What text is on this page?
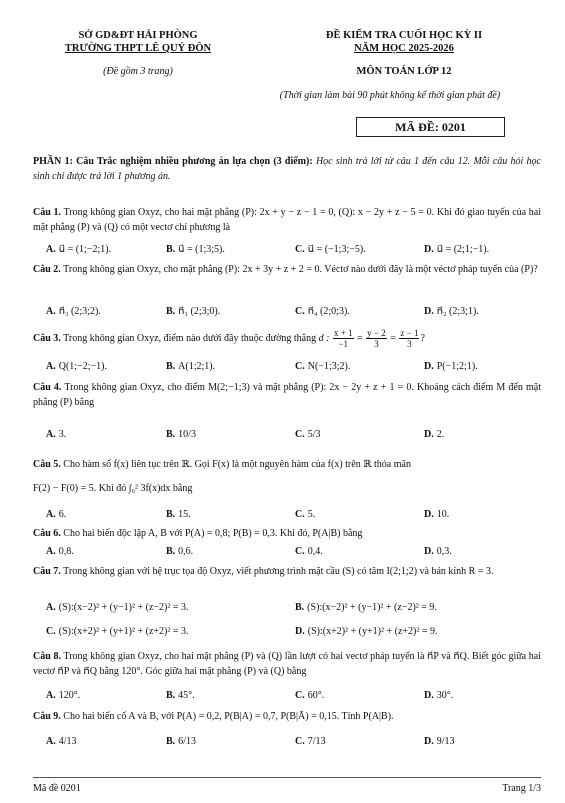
SỞ GD&ĐT HẢI PHÒNG
TRƯỜNG THPT LÊ QUÝ ĐÔN
(Đề gồm 3 trang)
ĐỀ KIỂM TRA CUỐI HỌC KỲ II
NĂM HỌC 2025-2026
MÔN TOÁN LỚP 12
(Thời gian làm bài 90 phút không kể thời gian phát đề)
MÃ ĐỀ: 0201
PHẦN 1: Câu Trắc nghiệm nhiều phương án lựa chọn (3 điểm): Học sinh trả lời từ câu 1 đến câu 12. Mỗi câu hỏi học sinh chỉ được trả lời 1 phương án.
Câu 1. Trong không gian Oxyz, cho hai mặt phẳng (P): 2x + y − z − 1 = 0, (Q): x − 2y + z − 5 = 0. Khi đó giao tuyến của hai mặt phẳng (P) và (Q) có một vectơ chỉ phương là
A. u⃗ = (1;−2;1).	B. u⃗ = (1;3;5).	C. u⃗ = (−1;3;−5).	D. u⃗ = (2;1;−1).
Câu 2. Trong không gian Oxyz, cho mặt phẳng (P): 2x + 3y + z + 2 = 0. Véctơ nào dưới đây là một véctơ pháp tuyến của (P)?
A. n⃗₃ (2;3;2).	B. n⃗₁ (2;3;0).	C. n⃗₄ (2;0;3).	D. n⃗₂ (2;3;1).
Câu 3. Trong không gian Oxyz, điểm nào dưới đây thuộc đường thẳng d : $\frac{x + 1}{-1} = \frac{y - 2}{3} = \frac{z - 1}{3}$ ?
A. Q(1;−2;−1).	B. A(1;2;1).	C. N(−1;3;2).	D. P(−1;2;1).
Câu 4. Trong không gian Oxyz, cho điểm M(2;−1;3) và mặt phẳng (P): 2x − 2y + z + 1 = 0. Khoảng cách điểm M đến mặt phẳng (P) bằng
A. 3.	B. 10/3	C. 5/3	D. 2.
Câu 5. Cho hàm số f(x) liên tục trên ℝ. Gọi F(x) là một nguyên hàm của f(x) trên ℝ thỏa mãn
F(2) − F(0) = 5. Khi đó ∫₀² 3f(x)dx bằng
A. 6.	B. 15.	C. 5.	D. 10.
Câu 6. Cho hai biến độc lập A, B với P(A) = 0,8; P(B) = 0,3. Khi đó, P(A|B) bằng
A. 0,8.	B. 0,6.	C. 0,4.	D. 0,3.
Câu 7. Trong không gian với hệ trục tọa độ Oxyz, viết phương trình mặt cầu (S) có tâm I(2;1;2) và bán kính R = 3.
A. (S):(x−2)² + (y−1)² + (z−2)² = 3.	B. (S):(x−2)² + (y−1)² + (z−2)² = 9.
C. (S):(x+2)² + (y+1)² + (z+2)² = 3.	D. (S):(x+2)² + (y+1)² + (z+2)² = 9.
Câu 8. Trong không gian Oxyz, cho hai mặt phẳng (P) và (Q) lần lượt có hai vectơ pháp tuyến là n⃗P và n⃗Q. Biết góc giữa hai vectơ n⃗P và n⃗Q bằng 120°. Góc giữa hai mặt phẳng (P) và (Q) bằng
A. 120°.	B. 45°.	C. 60°.	D. 30°.
Câu 9. Cho hai biến cố A và B, với P(A) = 0,2, P(B|A) = 0,7, P(B|Ā) = 0,15. Tính P(A|B).
A. 4/13	B. 6/13	C. 7/13	D. 9/13
Mã đề 0201	Trang 1/3
